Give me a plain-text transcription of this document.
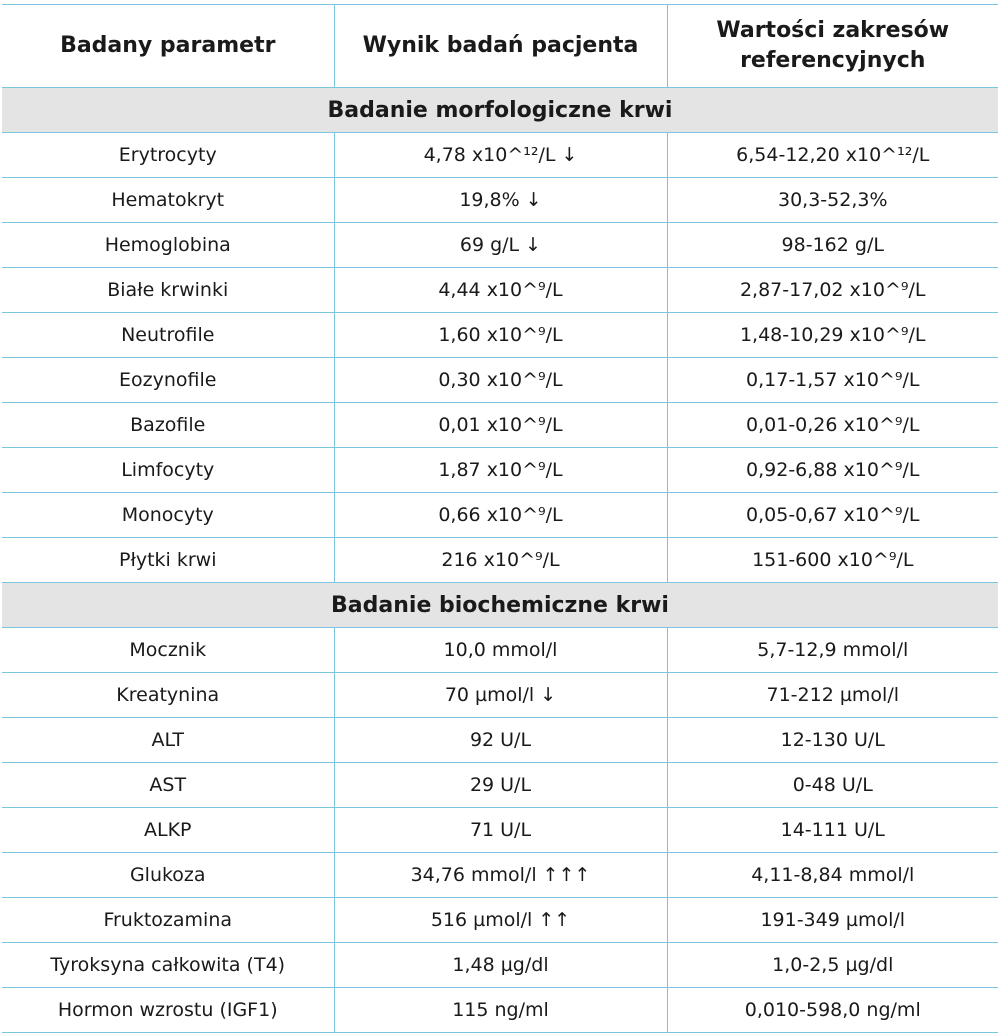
Badany parametr	Wynik badań pacjenta	Wartości zakresów referencyjnych
Badanie morfologiczne krwi		
Erytrocyty	4,78 x10^¹²/L ↓	6,54-12,20 x10^¹²/L
Hematokryt	19,8% ↓	30,3-52,3%
Hemoglobina	69 g/L ↓	98-162 g/L
Białe krwinki	4,44 x10^⁹/L	2,87-17,02 x10^⁹/L
Neutrofile	1,60 x10^⁹/L	1,48-10,29 x10^⁹/L
Eozynofile	0,30 x10^⁹/L	0,17-1,57 x10^⁹/L
Bazofile	0,01 x10^⁹/L	0,01-0,26 x10^⁹/L
Limfocyty	1,87 x10^⁹/L	0,92-6,88 x10^⁹/L
Monocyty	0,66 x10^⁹/L	0,05-0,67 x10^⁹/L
Płytki krwi	216 x10^⁹/L	151-600 x10^⁹/L
Badanie biochemiczne krwi		
Mocznik	10,0 mmol/l	5,7-12,9 mmol/l
Kreatynina	70 µmol/l ↓	71-212 µmol/l
ALT	92 U/L	12-130 U/L
AST	29 U/L	0-48 U/L
ALKP	71 U/L	14-111 U/L
Glukoza	34,76 mmol/l ↑↑↑	4,11-8,84 mmol/l
Fruktozamina	516 µmol/l ↑↑	191-349 µmol/l
Tyroksyna całkowita (T4)	1,48 µg/dl	1,0-2,5 µg/dl
Hormon wzrostu (IGF1)	115 ng/ml	0,010-598,0 ng/ml
